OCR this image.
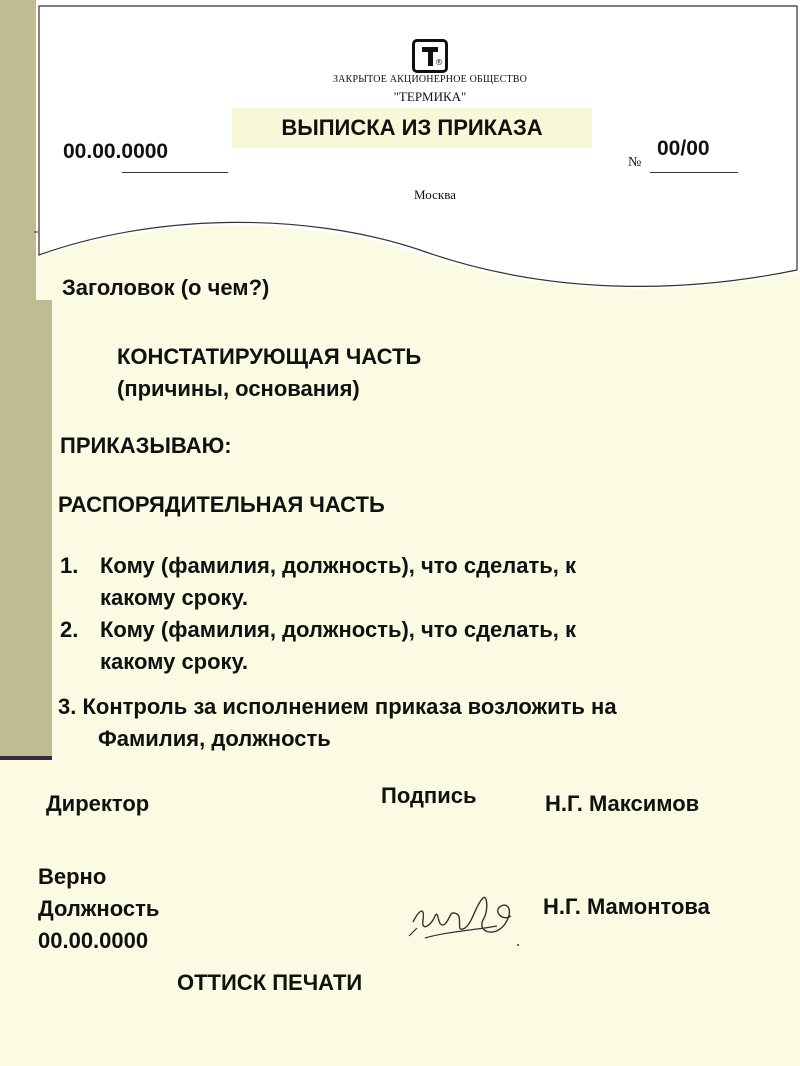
®
ЗАКРЫТОЕ АКЦИОНЕРНОЕ ОБЩЕСТВО
"ТЕРМИКА"
ВЫПИСКА ИЗ ПРИКАЗА
00.00.0000	№
00/00
Москва
Заголовок (о чем?)
КОНСТАТИРУЮЩАЯ ЧАСТЬ
(причины, основания)
ПРИКАЗЫВАЮ:
РАСПОРЯДИТЕЛЬНАЯ ЧАСТЬ
1. Кому (фамилия, должность), что сделать, к
какому сроку.
2. Кому (фамилия, должность), что сделать, к
какому сроку.
3. Контроль за исполнением приказа возложить на
Фамилия, должность
Директор	Подпись	Н.Г. Максимов
Верно
Должность
00.00.0000
Н.Г. Мамонтова
ОТТИСК ПЕЧАТИ
